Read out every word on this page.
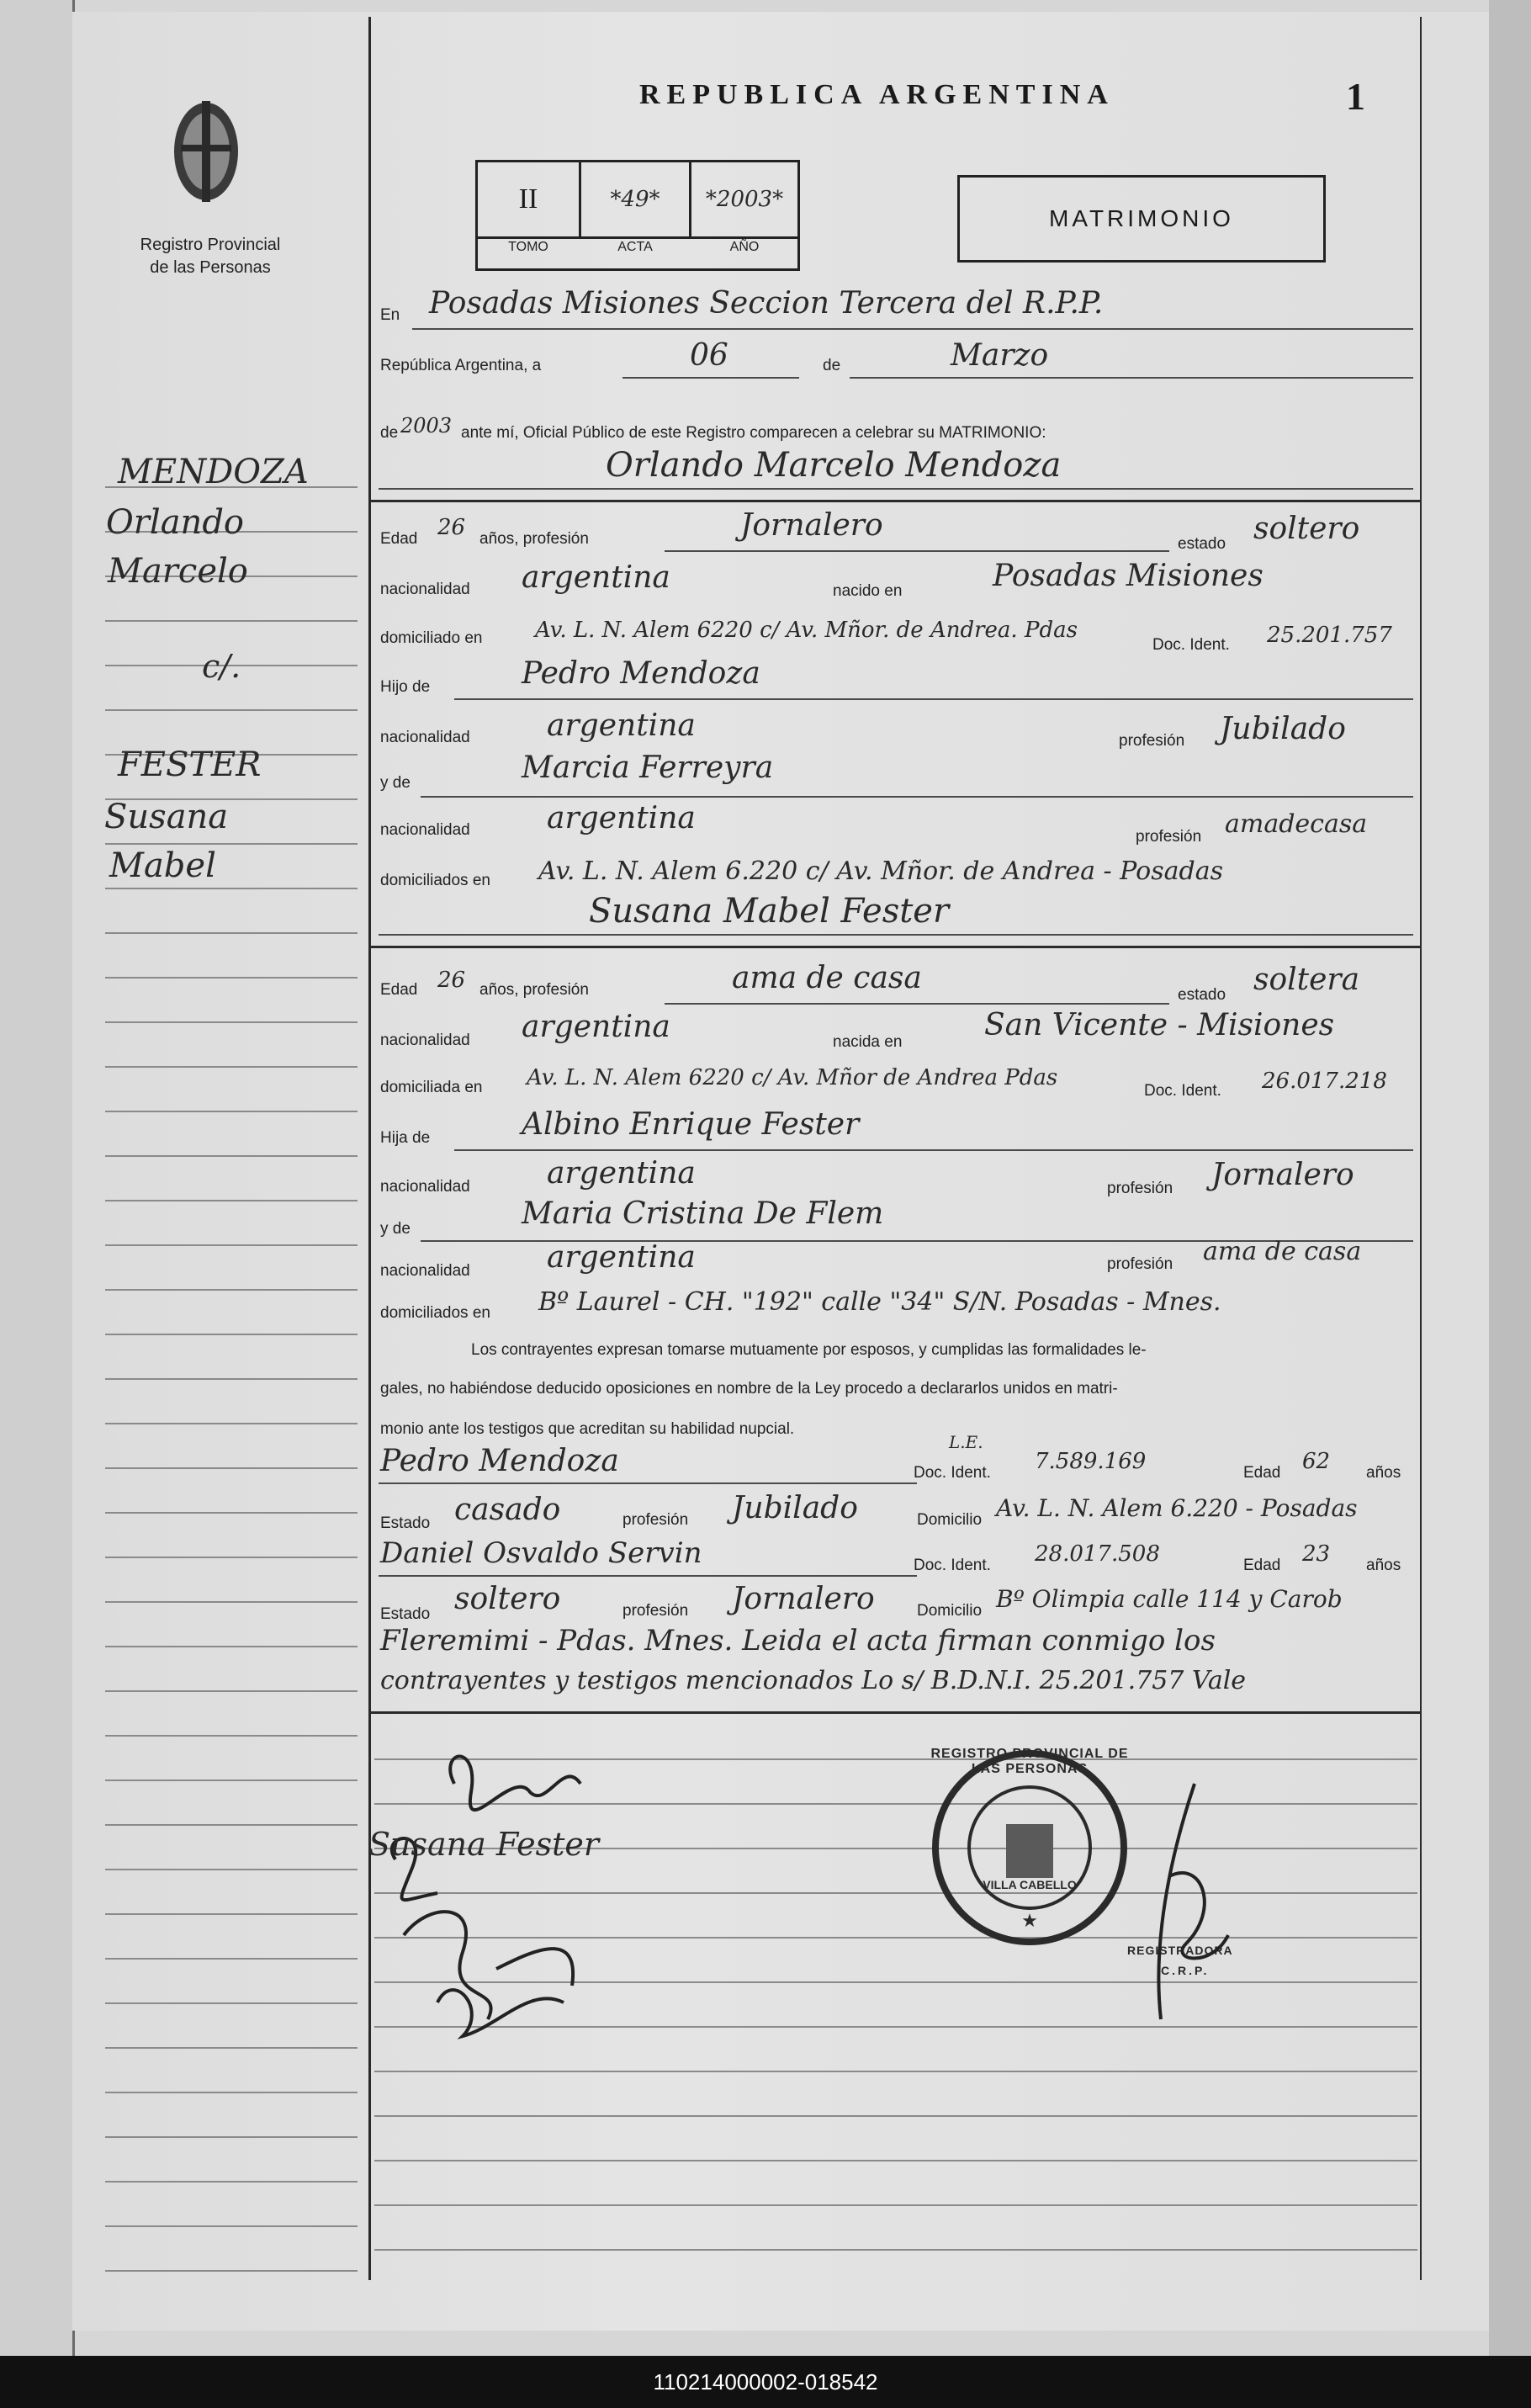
Registro Provincial
de las Personas
REPUBLICA ARGENTINA	1
II	*49*	*2003*
TOMO	ACTA	AÑO
MATRIMONIO
En Posadas Misiones Seccion Tercera del R.P.P.
República Argentina, a	06	de	Marzo
de 2003 ante mí, Oficial Público de este Registro comparecen a celebrar su MATRIMONIO:
Orlando Marcelo Mendoza
Edad 26 años, profesión	Jornalero
estado soltero
nacionalidad argentina	nacido en	Posadas Misiones
domiciliado en Av. L. N. Alem 6220 c/ Av. Mñor. de Andrea. Pdas
Doc. Ident. 25.201.757
Hijo de	Pedro Mendoza
nacionalidad	argentina	profesión Jubilado
y de	Marcia Ferreyra
nacionalidad	argentina
profesión amadecasa
domiciliados en Av. L. N. Alem 6.220 c/ Av. Mñor. de Andrea - Posadas
Susana Mabel Fester
Edad 26 años, profesión	ama de casa	estado soltera
nacionalidad argentina	nacida en	San Vicente - Misiones
domiciliada en Av. L. N. Alem 6220 c/ Av. Mñor de Andrea Pdas
Doc. Ident. 26.017.218
Hija de	Albino Enrique Fester
nacionalidad	argentina	profesión Jornalero
y de	Maria Cristina De Flem
nacionalidad	argentina	profesión ama de casa
domiciliados en Bº Laurel - CH. "192" calle "34" S/N. Posadas - Mnes.
Los contrayentes expresan tomarse mutuamente por esposos, y cumplidas las formalidades le-
gales, no habiéndose deducido oposiciones en nombre de la Ley procedo a declararlos unidos en matri-
monio ante los testigos que acreditan su habilidad nupcial.
Pedro Mendoza
L.E.
Doc. Ident. 7.589.169	Edad 62 años
Estado casado	profesión Jubilado	Domicilio Av. L. N. Alem 6.220 - Posadas
Daniel Osvaldo Servin	Doc. Ident. 28.017.508	Edad 23 años
Estado soltero	profesión Jornalero	Domicilio Bº Olimpia calle 114 y Carob
Fleremimi - Pdas. Mnes. Leida el acta firman conmigo los
contrayentes y testigos mencionados Lo s/ B.D.N.I. 25.201.757 Vale
MENDOZA
Orlando
Marcelo
c/.
FESTER
Susana
Mabel
Susana Fester
★
REGISTRO PROVINCIAL DE LAS PERSONAS
VILLA CABELLO
REGISTRADORA
C.R.P.
110214000002-018542
